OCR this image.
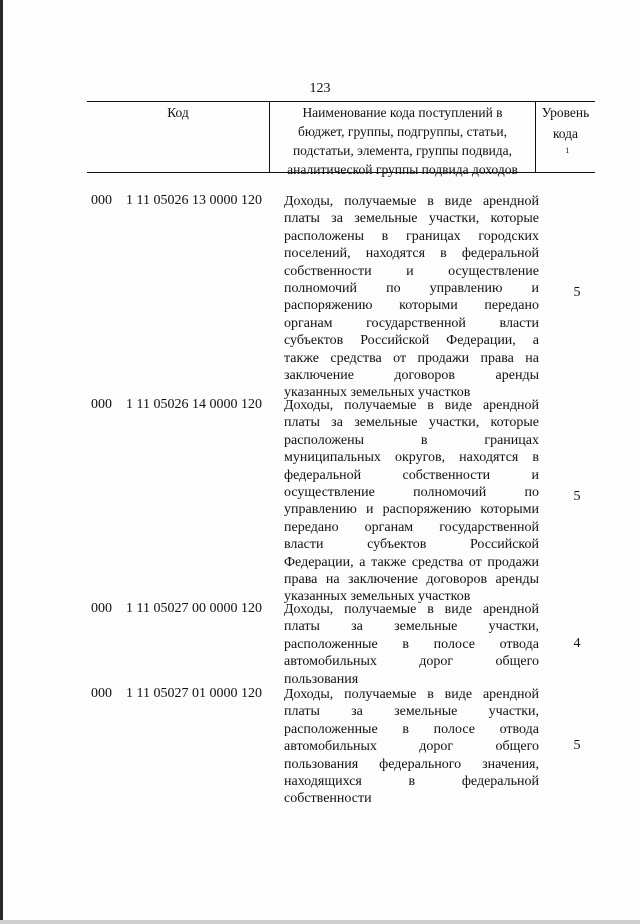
123
Код	Наименование кода поступлений в
бюджет, группы, подгруппы, статьи,
подстатьи, элемента, группы подвида,
аналитической группы подвида доходов
Уровень
кода
$^1$
000 1 11 05026 13 0000 120 Доходы, получаемые в виде арендной
платы за земельные участки, которые
расположены в границах городских
поселений, находятся в федеральной
собственности и осуществление
полномочий по управлению и
распоряжению которыми передано
органам государственной власти
субъектов Российской Федерации, а
также средства от продажи права на
заключение договоров аренды
указанных земельных участков
5
000 1 11 05026 14 0000 120 Доходы, получаемые в виде арендной
платы за земельные участки, которые
расположены в границах
муниципальных округов, находятся в
федеральной собственности и
осуществление полномочий по
управлению и распоряжению которыми
передано органам государственной
власти субъектов Российской
Федерации, а также средства от продажи
права на заключение договоров аренды
указанных земельных участков
5
000 1 11 05027 00 0000 120 Доходы, получаемые в виде арендной
платы за земельные участки,
расположенные в полосе отвода
автомобильных дорог общего
пользования
4
000 1 11 05027 01 0000 120 Доходы, получаемые в виде арендной
платы за земельные участки,
расположенные в полосе отвода
автомобильных дорог общего
пользования федерального значения,
находящихся в федеральной
собственности
5
